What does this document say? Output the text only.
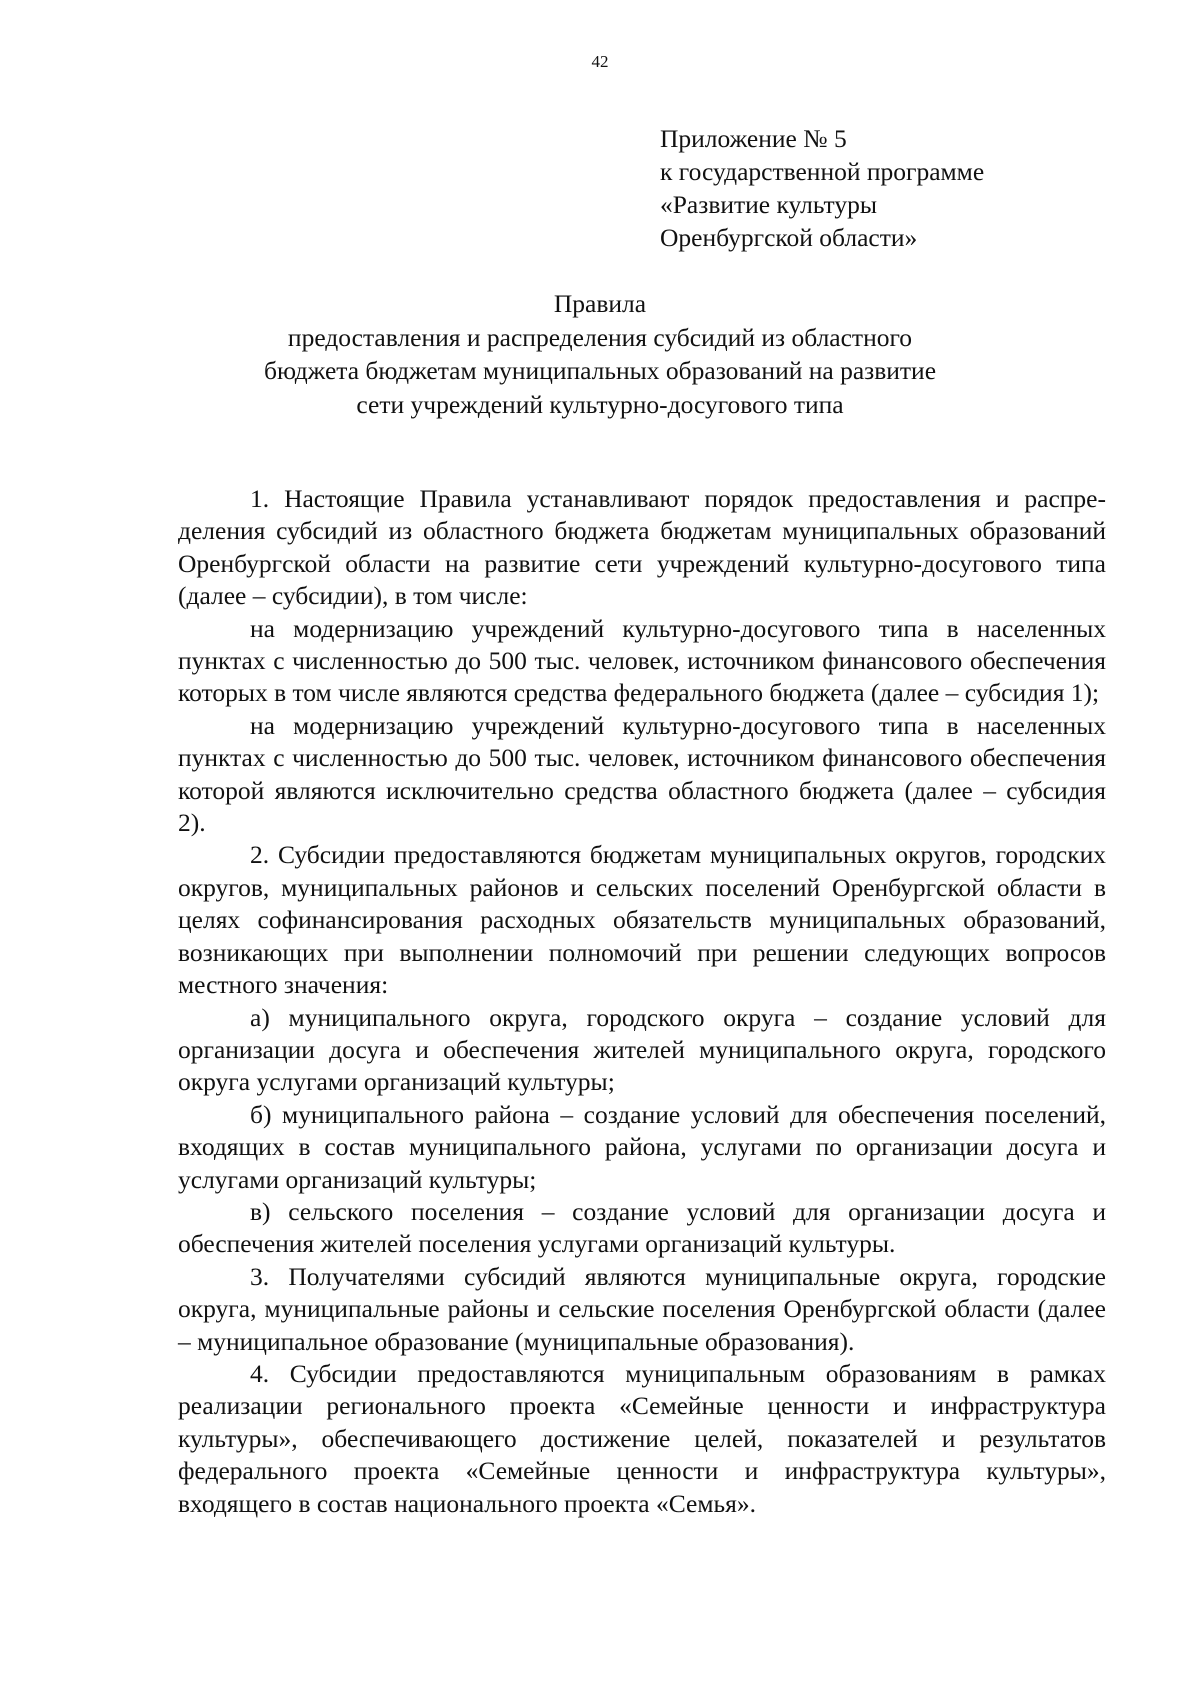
42
Приложение № 5
к государственной программе
«Развитие культуры
Оренбургской области»
Правила
предоставления и распределения субсидий из областного
бюджета бюджетам муниципальных образований на развитие
сети учреждений культурно-досугового типа

1. Настоящие Правила устанавливают порядок предоставления и распределения субсидий из областного бюджета бюджетам муниципальных образований Оренбургской области на развитие сети учреждений культурно-досугового типа (далее – субсидии), в том числе:

на модернизацию учреждений культурно-досугового типа в населенных пунктах с численностью до 500 тыс. человек, источником финансового обеспечения которых в том числе являются средства федерального бюджета (далее – субсидия 1);

на модернизацию учреждений культурно-досугового типа в населенных пунктах с численностью до 500 тыс. человек, источником финансового обеспечения которой являются исключительно средства областного бюджета (далее – субсидия 2).

2. Субсидии предоставляются бюджетам муниципальных округов, городских округов, муниципальных районов и сельских поселений Оренбургской области в целях софинансирования расходных обязательств муниципальных образований, возникающих при выполнении полномочий при решении следующих вопросов местного значения:

а) муниципального округа, городского округа – создание условий для организации досуга и обеспечения жителей муниципального округа, городского округа услугами организаций культуры;

б) муниципального района – создание условий для обеспечения поселений, входящих в состав муниципального района, услугами по организации досуга и услугами организаций культуры;

в) сельского поселения – создание условий для организации досуга и обеспечения жителей поселения услугами организаций культуры.

3. Получателями субсидий являются муниципальные округа, городские округа, муниципальные районы и сельские поселения Оренбургской области (далее – муниципальное образование (муниципальные образования).

4. Субсидии предоставляются муниципальным образованиям в рамках реализации регионального проекта «Семейные ценности и инфраструктура культуры», обеспечивающего достижение целей, показателей и результатов федерального проекта «Семейные ценности и инфраструктура культуры», входящего в состав национального проекта «Семья».
